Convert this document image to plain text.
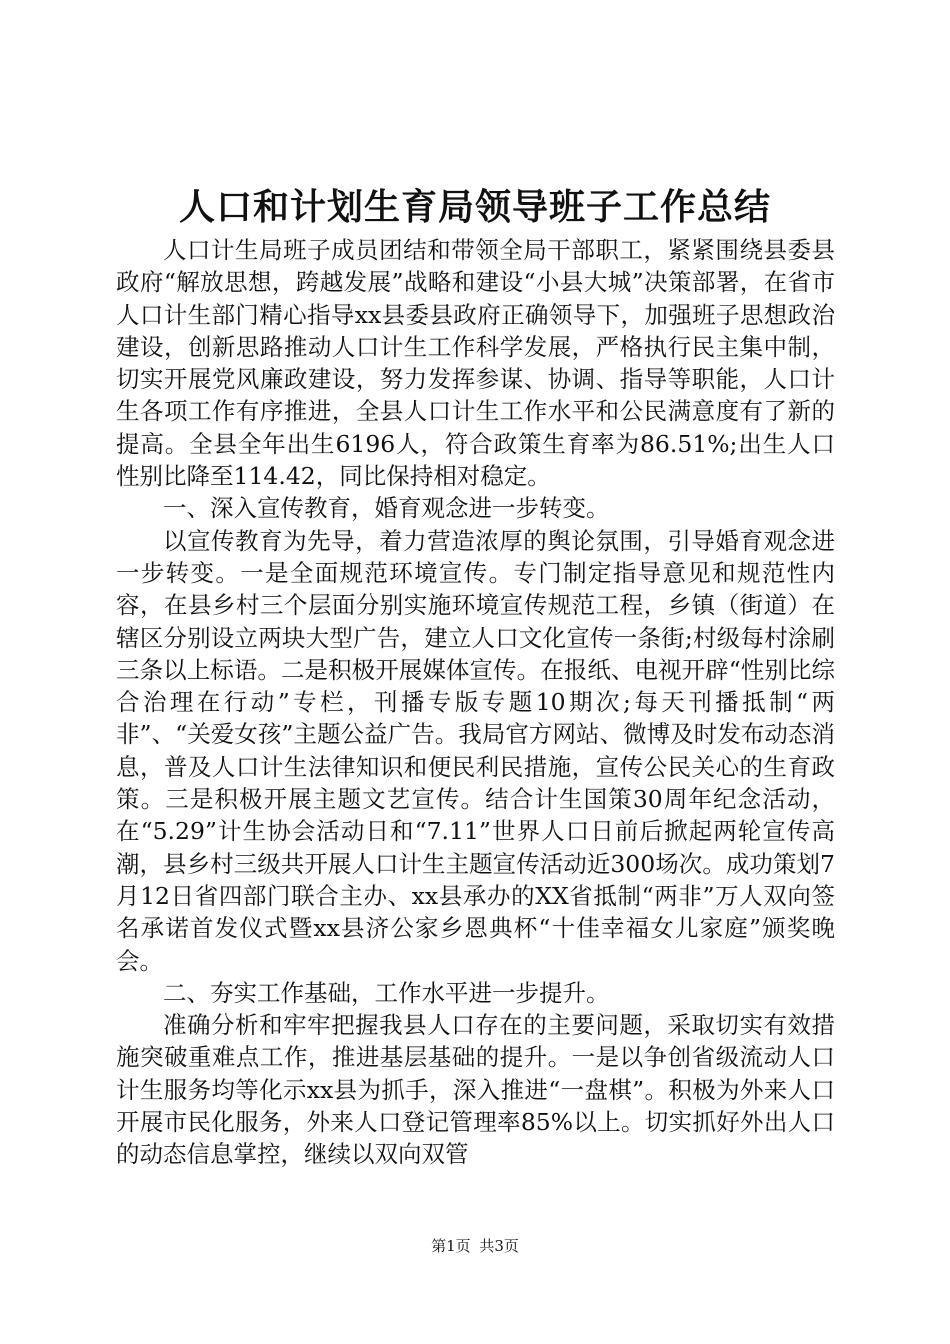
人口和计划生育局领导班子工作总结

人口计生局班子成员团结和带领全局干部职工，紧紧围绕县委县政府“解放思想，跨越发展”战略和建设“小县大城”决策部署，在省市人口计生部门精心指导xx县委县政府正确领导下，加强班子思想政治建设，创新思路推动人口计生工作科学发展，严格执行民主集中制，切实开展党风廉政建设，努力发挥参谋、协调、指导等职能，人口计生各项工作有序推进，全县人口计生工作水平和公民满意度有了新的提高。全县全年出生6196人，符合政策生育率为86.51%;出生人口性别比降至114.42，同比保持相对稳定。

一、深入宣传教育，婚育观念进一步转变。

以宣传教育为先导，着力营造浓厚的舆论氛围，引导婚育观念进一步转变。一是全面规范环境宣传。专门制定指导意见和规范性内容，在县乡村三个层面分别实施环境宣传规范工程，乡镇（街道）在辖区分别设立两块大型广告，建立人口文化宣传一条街;村级每村涂刷三条以上标语。二是积极开展媒体宣传。在报纸、电视开辟“性别比综合治理在行动”专栏，刊播专版专题10期次;每天刊播抵制“两非”、“关爱女孩”主题公益广告。我局官方网站、微博及时发布动态消息，普及人口计生法律知识和便民利民措施，宣传公民关心的生育政策。三是积极开展主题文艺宣传。结合计生国策30周年纪念活动，在“5.29”计生协会活动日和“7.11”世界人口日前后掀起两轮宣传高潮，县乡村三级共开展人口计生主题宣传活动近300场次。成功策划7月12日省四部门联合主办、xx县承办的XX省抵制“两非”万人双向签名承诺首发仪式暨xx县济公家乡恩典杯“十佳幸福女儿家庭”颁奖晚会。

二、夯实工作基础，工作水平进一步提升。

准确分析和牢牢把握我县人口存在的主要问题，采取切实有效措施突破重难点工作，推进基层基础的提升。一是以争创省级流动人口计生服务均等化示xx县为抓手，深入推进“一盘棋”。积极为外来人口开展市民化服务，外来人口登记管理率85%以上。切实抓好外出人口的动态信息掌控，继续以双向双管

第1页 共3页
